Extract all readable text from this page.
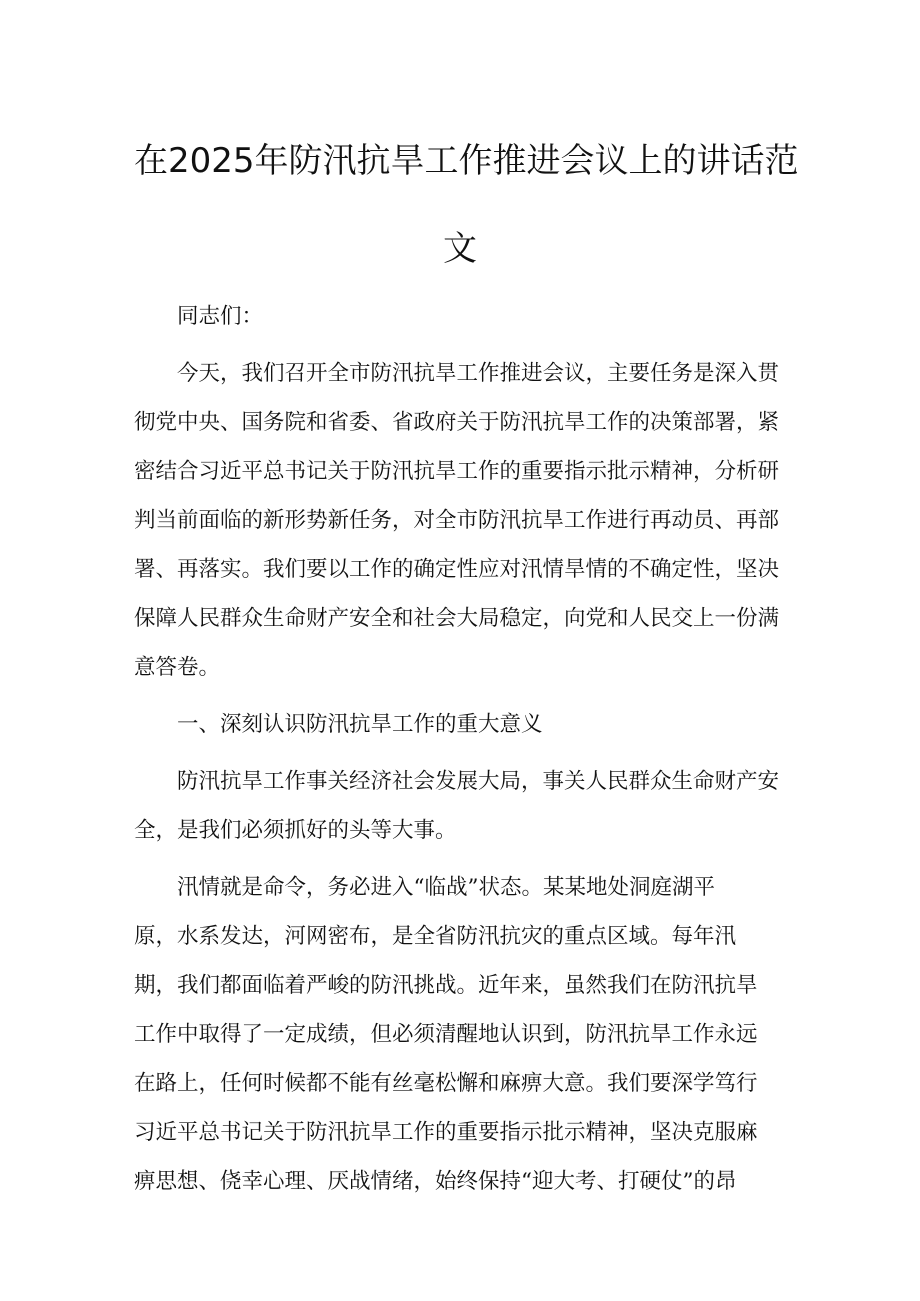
在2025年防汛抗旱工作推进会议上的讲话范
文

同志们：

今天，我们召开全市防汛抗旱工作推进会议，主要任务是深入贯彻党中央、国务院和省委、省政府关于防汛抗旱工作的决策部署，紧密结合习近平总书记关于防汛抗旱工作的重要指示批示精神，分析研判当前面临的新形势新任务，对全市防汛抗旱工作进行再动员、再部署、再落实。我们要以工作的确定性应对汛情旱情的不确定性，坚决保障人民群众生命财产安全和社会大局稳定，向党和人民交上一份满意答卷。

一、深刻认识防汛抗旱工作的重大意义

防汛抗旱工作事关经济社会发展大局，事关人民群众生命财产安全，是我们必须抓好的头等大事。

汛情就是命令，务必进入“临战”状态。某某地处洞庭湖平
原，水系发达，河网密布，是全省防汛抗灾的重点区域。每年汛
期，我们都面临着严峻的防汛挑战。近年来，虽然我们在防汛抗旱
工作中取得了一定成绩，但必须清醒地认识到，防汛抗旱工作永远
在路上，任何时候都不能有丝毫松懈和麻痹大意。我们要深学笃行
习近平总书记关于防汛抗旱工作的重要指示批示精神，坚决克服麻
痹思想、侥幸心理、厌战情绪，始终保持“迎大考、打硬仗”的昂
